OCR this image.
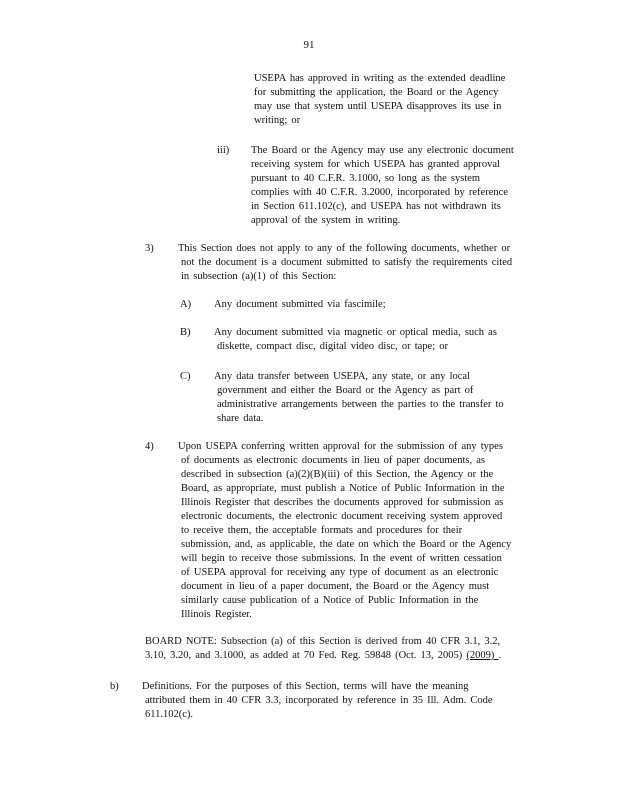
91
USEPA has approved in writing as the extended deadline
for submitting the application, the Board or the Agency
may use that system until USEPA disapproves its use in
writing; or
iii) The Board or the Agency may use any electronic document
receiving system for which USEPA has granted approval
pursuant to 40 C.F.R. 3.1000, so long as the system
complies with 40 C.F.R. 3.2000, incorporated by reference
in Section 611.102(c), and USEPA has not withdrawn its
approval of the system in writing.
3) This Section does not apply to any of the following documents, whether or
not the document is a document submitted to satisfy the requirements cited
in subsection (a)(1) of this Section:
A) Any document submitted via fascimile;
B) Any document submitted via magnetic or optical media, such as
diskette, compact disc, digital video disc, or tape; or
C) Any data transfer between USEPA, any state, or any local
government and either the Board or the Agency as part of
administrative arrangements between the parties to the transfer to
share data.
4) Upon USEPA conferring written approval for the submission of any types
of documents as electronic documents in lieu of paper documents, as
described in subsection (a)(2)(B)(iii) of this Section, the Agency or the
Board, as appropriate, must publish a Notice of Public Information in the
Illinois Register that describes the documents approved for submission as
electronic documents, the electronic document receiving system approved
to receive them, the acceptable formats and procedures for their
submission, and, as applicable, the date on which the Board or the Agency
will begin to receive those submissions. In the event of written cessation
of USEPA approval for receiving any type of document as an electronic
document in lieu of a paper document, the Board or the Agency must
similarly cause publication of a Notice of Public Information in the
Illinois Register.
BOARD NOTE: Subsection (a) of this Section is derived from 40 CFR 3.1, 3.2,
3.10, 3.20, and 3.1000, as added at 70 Fed. Reg. 59848 (Oct. 13, 2005) (2009) .
b) Definitions. For the purposes of this Section, terms will have the meaning
attributed them in 40 CFR 3.3, incorporated by reference in 35 Ill. Adm. Code
611.102(c).
